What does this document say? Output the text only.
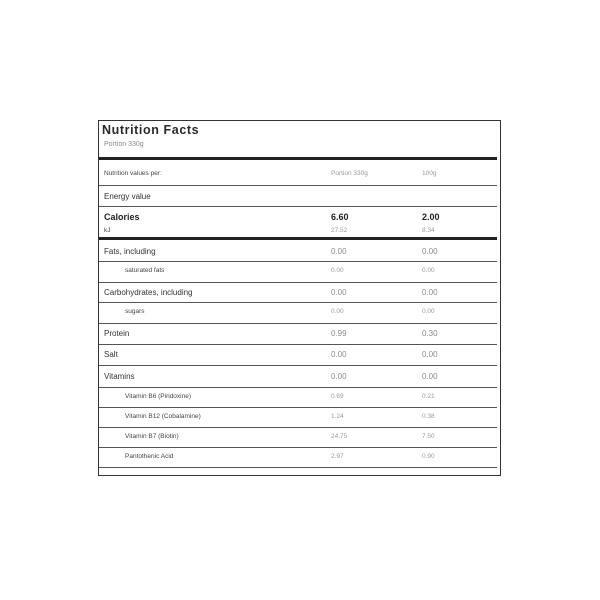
Nutrition Facts
Portion 330g
Nutrition values per:	Portion 330g	100g
Energy value
Calories	6.60	2.00
kJ	27.52	8.34
Fats, including	0.00	0.00
saturated fats	0.00	0.00
Carbohydrates, including	0.00	0.00
sugars	0.00	0.00
Protein	0.99	0.30
Salt	0.00	0.00
Vitamins	0.00	0.00
Vitamin B6 (Piridoxine)	0.69	0.21
Vitamin B12 (Cobalamine)	1.24	0.38
Vitamin B7 (Biotin)	24.75	7.50
Pantothenic Acid	2.97	0.90
